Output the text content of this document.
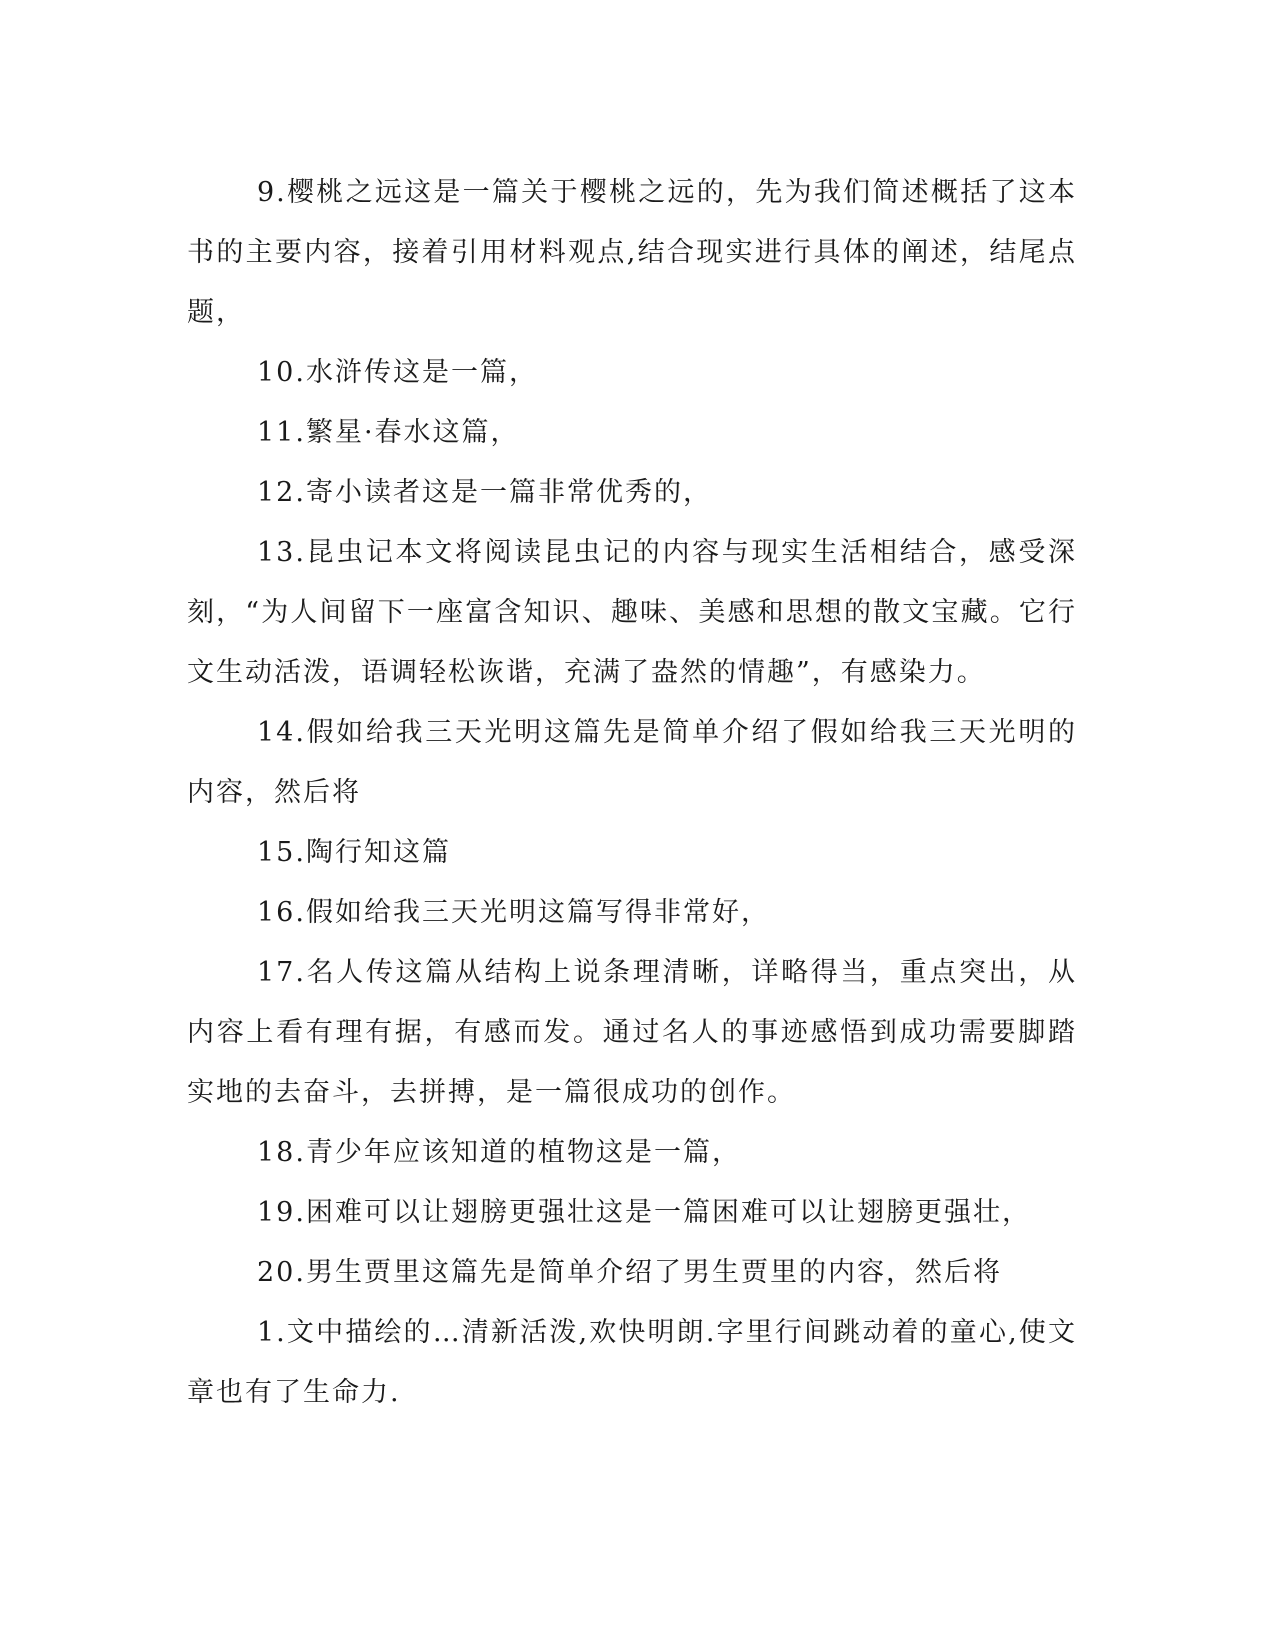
9.樱桃之远这是一篇关于樱桃之远的，先为我们简述概括了这本书的主要内容，接着引用材料观点,结合现实进行具体的阐述，结尾点题，

10.水浒传这是一篇，

11.繁星·春水这篇，

12.寄小读者这是一篇非常优秀的，

13.昆虫记本文将阅读昆虫记的内容与现实生活相结合，感受深刻，“为人间留下一座富含知识、趣味、美感和思想的散文宝藏。它行文生动活泼，语调轻松诙谐，充满了盎然的情趣”，有感染力。

14.假如给我三天光明这篇先是简单介绍了假如给我三天光明的内容，然后将

15.陶行知这篇

16.假如给我三天光明这篇写得非常好，

17.名人传这篇从结构上说条理清晰，详略得当，重点突出，从内容上看有理有据，有感而发。通过名人的事迹感悟到成功需要脚踏实地的去奋斗，去拼搏，是一篇很成功的创作。

18.青少年应该知道的植物这是一篇，

19.困难可以让翅膀更强壮这是一篇困难可以让翅膀更强壮，

20.男生贾里这篇先是简单介绍了男生贾里的内容，然后将

1.文中描绘的…清新活泼,欢快明朗.字里行间跳动着的童心,使文章也有了生命力.
